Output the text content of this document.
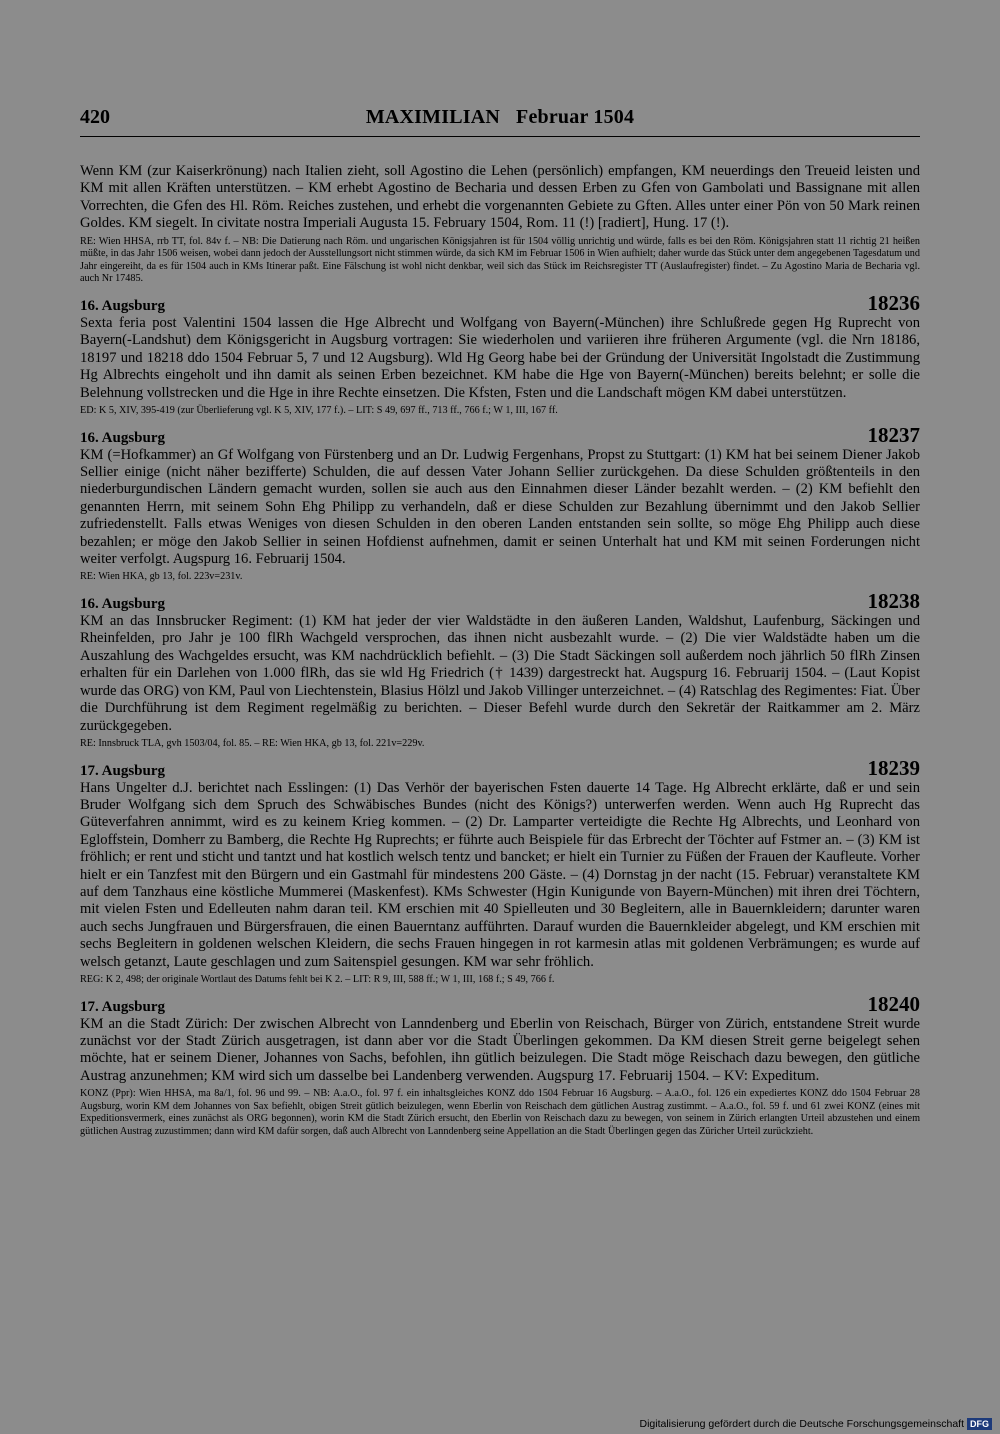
420	MAXIMILIAN Februar 1504
Wenn KM (zur Kaiserkrönung) nach Italien zieht, soll Agostino die Lehen (persönlich) empfangen, KM neuerdings den Treueid leisten und KM mit allen Kräften unterstützen. – KM erhebt Agostino de Becharia und dessen Erben zu Gfen von Gambolati und Bassignane mit allen Vorrechten, die Gfen des Hl. Röm. Reiches zustehen, und erhebt die vorgenannten Gebiete zu Gften. Alles unter einer Pön von 50 Mark reinen Goldes. KM siegelt. In civitate nostra Imperiali Augusta 15. February 1504, Rom. 11 (!) [radiert], Hung. 17 (!).
RE: Wien HHSA, rrb TT, fol. 84v f. – NB: Die Datierung nach Röm. und ungarischen Königsjahren ist für 1504 völlig unrichtig und würde, falls es bei den Röm. Königsjahren statt 11 richtig 21 heißen müßte, in das Jahr 1506 weisen, wobei dann jedoch der Ausstellungsort nicht stimmen würde, da sich KM im Februar 1506 in Wien aufhielt; daher wurde das Stück unter dem angegebenen Tagesdatum und Jahr eingereiht, da es für 1504 auch in KMs Itinerar paßt. Eine Fälschung ist wohl nicht denkbar, weil sich das Stück im Reichsregister TT (Auslaufregister) findet. – Zu Agostino Maria de Becharia vgl. auch Nr 17485.
16. Augsburg	18236
Sexta feria post Valentini 1504 lassen die Hge Albrecht und Wolfgang von Bayern(-München) ihre Schlußrede gegen Hg Ruprecht von Bayern(-Landshut) dem Königsgericht in Augsburg vortragen: Sie wiederholen und variieren ihre früheren Argumente (vgl. die Nrn 18186, 18197 und 18218 ddo 1504 Februar 5, 7 und 12 Augsburg). Wld Hg Georg habe bei der Gründung der Universität Ingolstadt die Zustimmung Hg Albrechts eingeholt und ihn damit als seinen Erben bezeichnet. KM habe die Hge von Bayern(-München) bereits belehnt; er solle die Belehnung vollstrecken und die Hge in ihre Rechte einsetzen. Die Kfsten, Fsten und die Landschaft mögen KM dabei unterstützen.
ED: K 5, XIV, 395-419 (zur Überlieferung vgl. K 5, XIV, 177 f.). – LIT: S 49, 697 ff., 713 ff., 766 f.; W 1, III, 167 ff.
16. Augsburg	18237
KM (=Hofkammer) an Gf Wolfgang von Fürstenberg und an Dr. Ludwig Fergenhans, Propst zu Stuttgart: (1) KM hat bei seinem Diener Jakob Sellier einige (nicht näher bezifferte) Schulden, die auf dessen Vater Johann Sellier zurückgehen. Da diese Schulden größtenteils in den niederburgundischen Ländern gemacht wurden, sollen sie auch aus den Einnahmen dieser Länder bezahlt werden. – (2) KM befiehlt den genannten Herrn, mit seinem Sohn Ehg Philipp zu verhandeln, daß er diese Schulden zur Bezahlung übernimmt und den Jakob Sellier zufriedenstellt. Falls etwas Weniges von diesen Schulden in den oberen Landen entstanden sein sollte, so möge Ehg Philipp auch diese bezahlen; er möge den Jakob Sellier in seinen Hofdienst aufnehmen, damit er seinen Unterhalt hat und KM mit seinen Forderungen nicht weiter verfolgt. Augspurg 16. Februarij 1504.
RE: Wien HKA, gb 13, fol. 223v=231v.
16. Augsburg	18238
KM an das Innsbrucker Regiment: (1) KM hat jeder der vier Waldstädte in den äußeren Landen, Waldshut, Laufenburg, Säckingen und Rheinfelden, pro Jahr je 100 flRh Wachgeld versprochen, das ihnen nicht ausbezahlt wurde. – (2) Die vier Waldstädte haben um die Auszahlung des Wachgeldes ersucht, was KM nachdrücklich befiehlt. – (3) Die Stadt Säckingen soll außerdem noch jährlich 50 flRh Zinsen erhalten für ein Darlehen von 1.000 flRh, das sie wld Hg Friedrich († 1439) dargestreckt hat. Augspurg 16. Februarij 1504. – (Laut Kopist wurde das ORG) von KM, Paul von Liechtenstein, Blasius Hölzl und Jakob Villinger unterzeichnet. – (4) Ratschlag des Regimentes: Fiat. Über die Durchführung ist dem Regiment regelmäßig zu berichten. – Dieser Befehl wurde durch den Sekretär der Raitkammer am 2. März zurückgegeben.
RE: Innsbruck TLA, gvh 1503/04, fol. 85. – RE: Wien HKA, gb 13, fol. 221v=229v.
17. Augsburg	18239
Hans Ungelter d.J. berichtet nach Esslingen: (1) Das Verhör der bayerischen Fsten dauerte 14 Tage. Hg Albrecht erklärte, daß er und sein Bruder Wolfgang sich dem Spruch des Schwäbisches Bundes (nicht des Königs?) unterwerfen werden. Wenn auch Hg Ruprecht das Güteverfahren annimmt, wird es zu keinem Krieg kommen. – (2) Dr. Lamparter verteidigte die Rechte Hg Albrechts, und Leonhard von Egloffstein, Domherr zu Bamberg, die Rechte Hg Ruprechts; er führte auch Beispiele für das Erbrecht der Töchter auf Fstmer an. – (3) KM ist fröhlich; er rent und sticht und tantzt und hat kostlich welsch tentz und bancket; er hielt ein Turnier zu Füßen der Frauen der Kaufleute. Vorher hielt er ein Tanzfest mit den Bürgern und ein Gastmahl für mindestens 200 Gäste. – (4) Dornstag jn der nacht (15. Februar) veranstaltete KM auf dem Tanzhaus eine köstliche Mummerei (Maskenfest). KMs Schwester (Hgin Kunigunde von Bayern-München) mit ihren drei Töchtern, mit vielen Fsten und Edelleuten nahm daran teil. KM erschien mit 40 Spielleuten und 30 Begleitern, alle in Bauernkleidern; darunter waren auch sechs Jungfrauen und Bürgersfrauen, die einen Bauerntanz aufführten. Darauf wurden die Bauernkleider abgelegt, und KM erschien mit sechs Begleitern in goldenen welschen Kleidern, die sechs Frauen hingegen in rot karmesin atlas mit goldenen Verbrämungen; es wurde auf welsch getanzt, Laute geschlagen und zum Saitenspiel gesungen. KM war sehr fröhlich.
REG: K 2, 498; der originale Wortlaut des Datums fehlt bei K 2. – LIT: R 9, III, 588 ff.; W 1, III, 168 f.; S 49, 766 f.
17. Augsburg	18240
KM an die Stadt Zürich: Der zwischen Albrecht von Lanndenberg und Eberlin von Reischach, Bürger von Zürich, entstandene Streit wurde zunächst vor der Stadt Zürich ausgetragen, ist dann aber vor die Stadt Überlingen gekommen. Da KM diesen Streit gerne beigelegt sehen möchte, hat er seinem Diener, Johannes von Sachs, befohlen, ihn gütlich beizulegen. Die Stadt möge Reischach dazu bewegen, den gütliche Austrag anzunehmen; KM wird sich um dasselbe bei Landenberg verwenden. Augspurg 17. Februarij 1504. – KV: Expeditum.
KONZ (Ppr): Wien HHSA, ma 8a/1, fol. 96 und 99. – NB: A.a.O., fol. 97 f. ein inhaltsgleiches KONZ ddo 1504 Februar 16 Augsburg. – A.a.O., fol. 126 ein expediertes KONZ ddo 1504 Februar 28 Augsburg, worin KM dem Johannes von Sax befiehlt, obigen Streit gütlich beizulegen, wenn Eberlin von Reischach dem gütlichen Austrag zustimmt. – A.a.O., fol. 59 f. und 61 zwei KONZ (eines mit Expeditionsvermerk, eines zunächst als ORG begonnen), worin KM die Stadt Zürich ersucht, den Eberlin von Reischach dazu zu bewegen, von seinem in Zürich erlangten Urteil abzustehen und einem gütlichen Austrag zuzustimmen; dann wird KM dafür sorgen, daß auch Albrecht von Lanndenberg seine Appellation an die Stadt Überlingen gegen das Züricher Urteil zurückzieht.
Digitalisierung gefördert durch die Deutsche Forschungsgemeinschaft DFG
